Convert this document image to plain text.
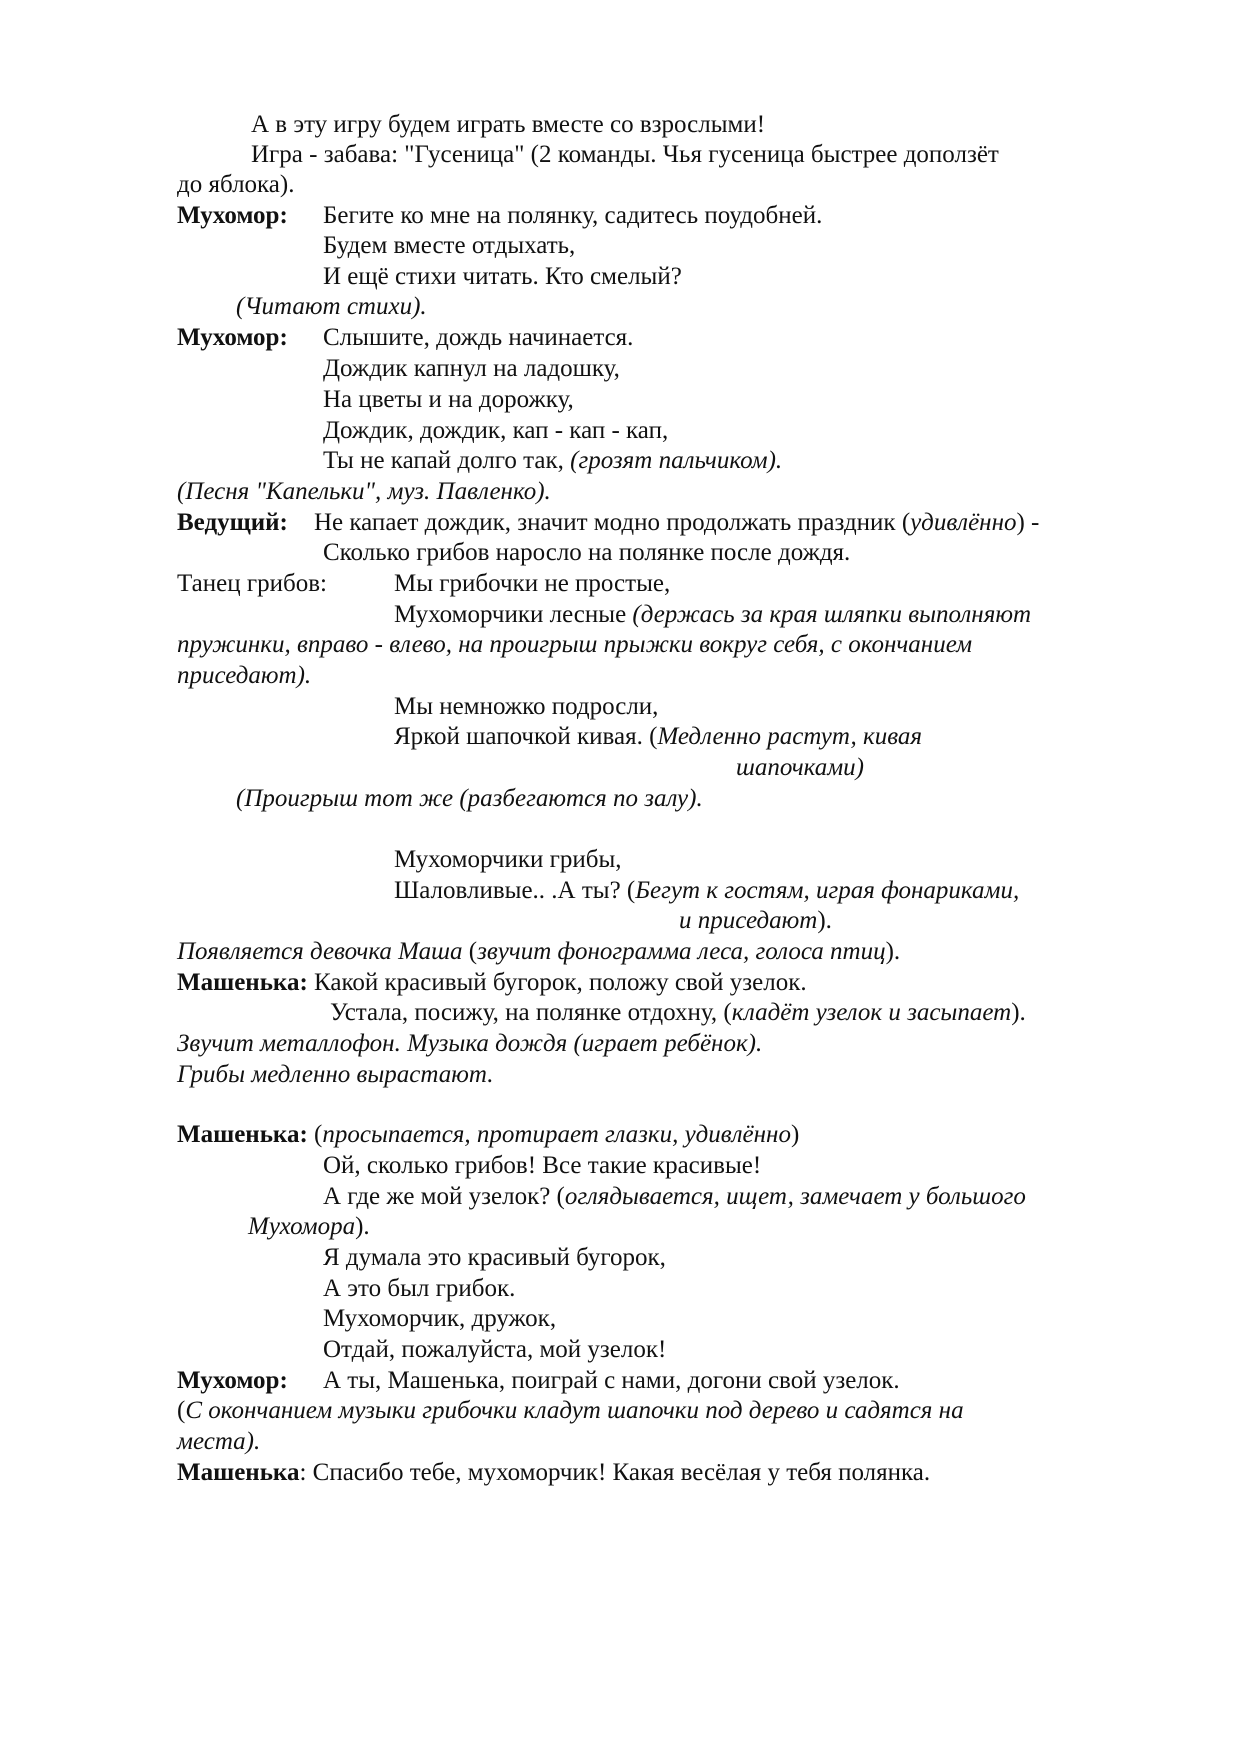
А в эту игру будем играть вместе со взрослыми!

Игра - забава: "Гусеница" (2 команды. Чья гусеница быстрее доползёт

до яблока).

Мухомор: Бегите ко мне на полянку, садитесь поудобней.

Будем вместе отдыхать,

И ещё стихи читать. Кто смелый?

(Читают стихи).

Мухомор: Слышите, дождь начинается.

Дождик капнул на ладошку,

На цветы и на дорожку,

Дождик, дождик, кап - кап - кап,

Ты не капай долго так, (грозят пальчиком).

(Песня "Капельки", муз. Павленко).

Ведущий: Не капает дождик, значит модно продолжать праздник (удивлённо) -

Сколько грибов наросло на полянке после дождя.

Танец грибов:	Мы грибочки не простые,

Мухоморчики лесные (держась за края шляпки выполняют

пружинки, вправо - влево, на проигрыш прыжки вокруг себя, с окончанием

приседают).

Мы немножко подросли,

Яркой шапочкой кивая. (Медленно растут, кивая

шапочками)

(Проигрыш тот же (разбегаются по залу).

Мухоморчики грибы,

Шаловливые.. .А ты? (Бегут к гостям, играя фонариками,

и приседают).

Появляется девочка Маша (звучит фонограмма леса, голоса птиц).

Машенька: Какой красивый бугорок, положу свой узелок.

Устала, посижу, на полянке отдохну, (кладёт узелок и засыпает).

Звучит металлофон. Музыка дождя (играет ребёнок).

Грибы медленно вырастают.

Машенька: (просыпается, протирает глазки, удивлённо)

Ой, сколько грибов! Все такие красивые!

А где же мой узелок? (оглядывается, ищет, замечает у большого

Мухомора).

Я думала это красивый бугорок,

А это был грибок.

Мухоморчик, дружок,

Отдай, пожалуйста, мой узелок!

Мухомор: А ты, Машенька, поиграй с нами, догони свой узелок.

(С окончанием музыки грибочки кладут шапочки под дерево и садятся на

места).

Машенька: Спасибо тебе, мухоморчик! Какая весёлая у тебя полянка.
